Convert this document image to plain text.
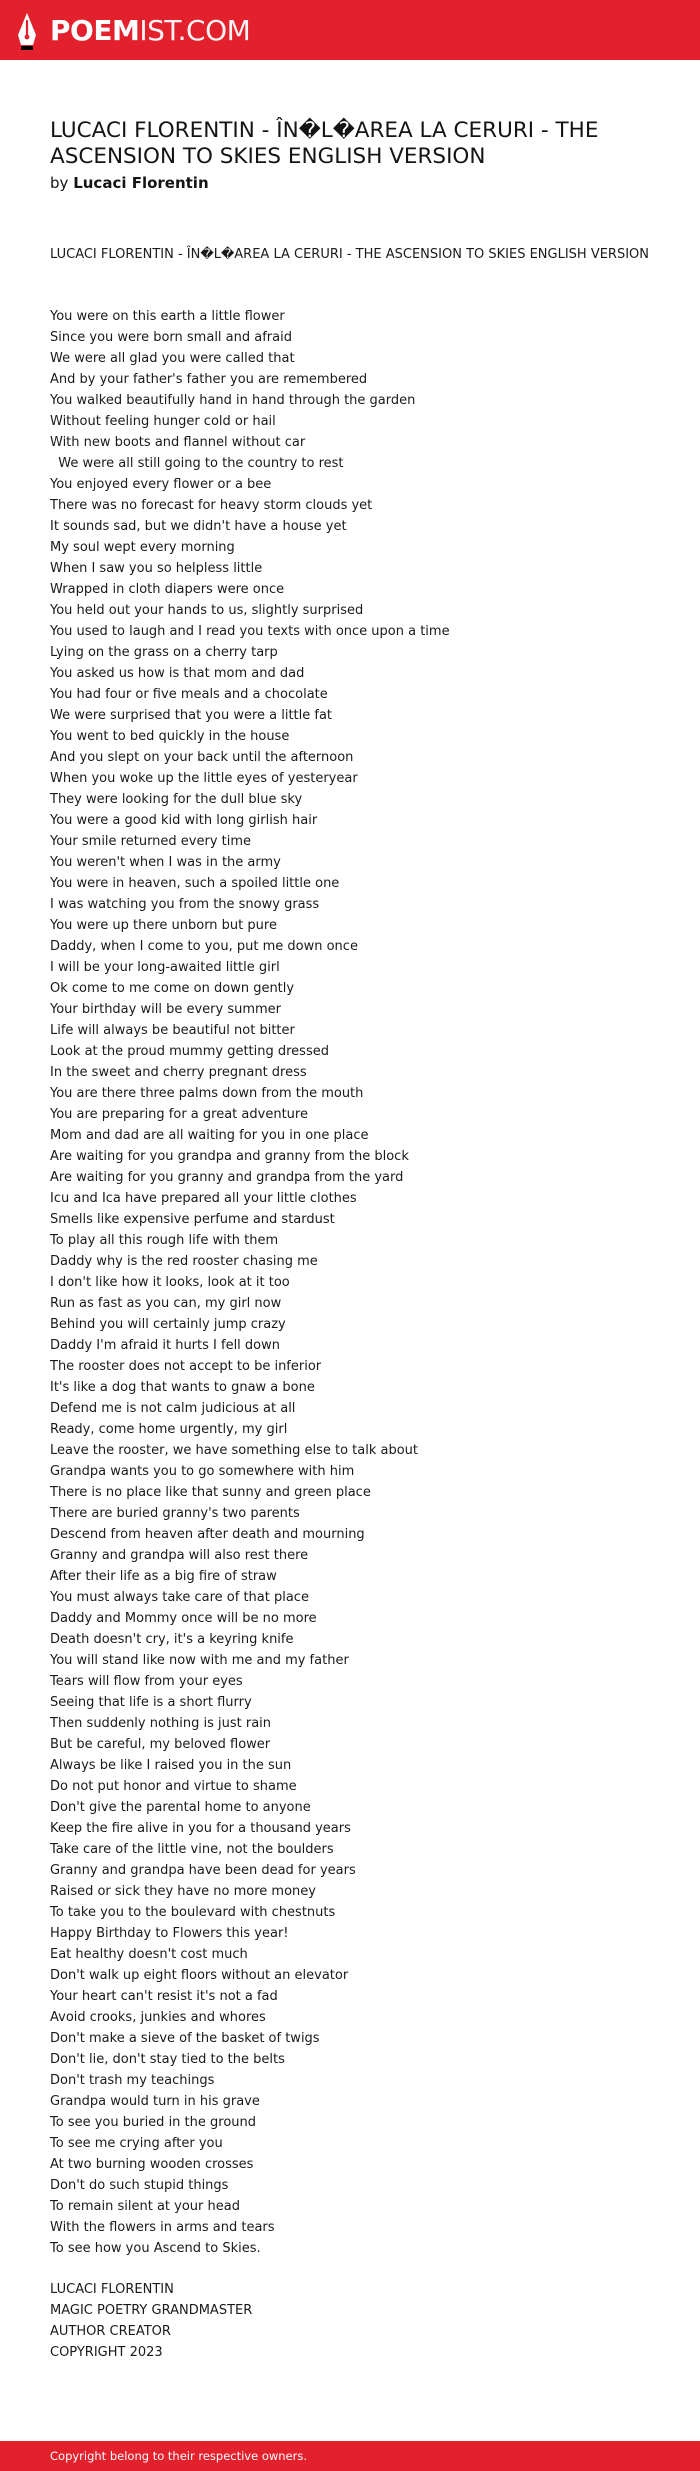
POEMIST.COM
LUCACI FLORENTIN - ÎN�L�AREA LA CERURI - THE ASCENSION TO SKIES ENGLISH VERSION
by Lucaci Florentin
LUCACI FLORENTIN - ÎN�L�AREA LA CERURI - THE ASCENSION TO SKIES ENGLISH VERSION
You were on this earth a little flower
Since you were born small and afraid
We were all glad you were called that
And by your father's father you are remembered
You walked beautifully hand in hand through the garden
Without feeling hunger cold or hail
With new boots and flannel without car
We were all still going to the country to rest
You enjoyed every flower or a bee
There was no forecast for heavy storm clouds yet
It sounds sad, but we didn't have a house yet
My soul wept every morning
When I saw you so helpless little
Wrapped in cloth diapers were once
You held out your hands to us, slightly surprised
You used to laugh and I read you texts with once upon a time
Lying on the grass on a cherry tarp
You asked us how is that mom and dad
You had four or five meals and a chocolate
We were surprised that you were a little fat
You went to bed quickly in the house
And you slept on your back until the afternoon
When you woke up the little eyes of yesteryear
They were looking for the dull blue sky
You were a good kid with long girlish hair
Your smile returned every time
You weren't when I was in the army
You were in heaven, such a spoiled little one
I was watching you from the snowy grass
You were up there unborn but pure
Daddy, when I come to you, put me down once
I will be your long-awaited little girl
Ok come to me come on down gently
Your birthday will be every summer
Life will always be beautiful not bitter
Look at the proud mummy getting dressed
In the sweet and cherry pregnant dress
You are there three palms down from the mouth
You are preparing for a great adventure
Mom and dad are all waiting for you in one place
Are waiting for you grandpa and granny from the block
Are waiting for you granny and grandpa from the yard
Icu and Ica have prepared all your little clothes
Smells like expensive perfume and stardust
To play all this rough life with them
Daddy why is the red rooster chasing me
I don't like how it looks, look at it too
Run as fast as you can, my girl now
Behind you will certainly jump crazy
Daddy I'm afraid it hurts I fell down
The rooster does not accept to be inferior
It's like a dog that wants to gnaw a bone
Defend me is not calm judicious at all
Ready, come home urgently, my girl
Leave the rooster, we have something else to talk about
Grandpa wants you to go somewhere with him
There is no place like that sunny and green place
There are buried granny's two parents
Descend from heaven after death and mourning
Granny and grandpa will also rest there
After their life as a big fire of straw
You must always take care of that place
Daddy and Mommy once will be no more
Death doesn't cry, it's a keyring knife
You will stand like now with me and my father
Tears will flow from your eyes
Seeing that life is a short flurry
Then suddenly nothing is just rain
But be careful, my beloved flower
Always be like I raised you in the sun
Do not put honor and virtue to shame
Don't give the parental home to anyone
Keep the fire alive in you for a thousand years
Take care of the little vine, not the boulders
Granny and grandpa have been dead for years
Raised or sick they have no more money
To take you to the boulevard with chestnuts
Happy Birthday to Flowers this year!
Eat healthy doesn't cost much
Don't walk up eight floors without an elevator
Your heart can't resist it's not a fad
Avoid crooks, junkies and whores
Don't make a sieve of the basket of twigs
Don't lie, don't stay tied to the belts
Don't trash my teachings
Grandpa would turn in his grave
To see you buried in the ground
To see me crying after you
At two burning wooden crosses
Don't do such stupid things
To remain silent at your head
With the flowers in arms and tears
To see how you Ascend to Skies.
LUCACI FLORENTIN
MAGIC POETRY GRANDMASTER
AUTHOR CREATOR
COPYRIGHT 2023
Copyright belong to their respective owners.
